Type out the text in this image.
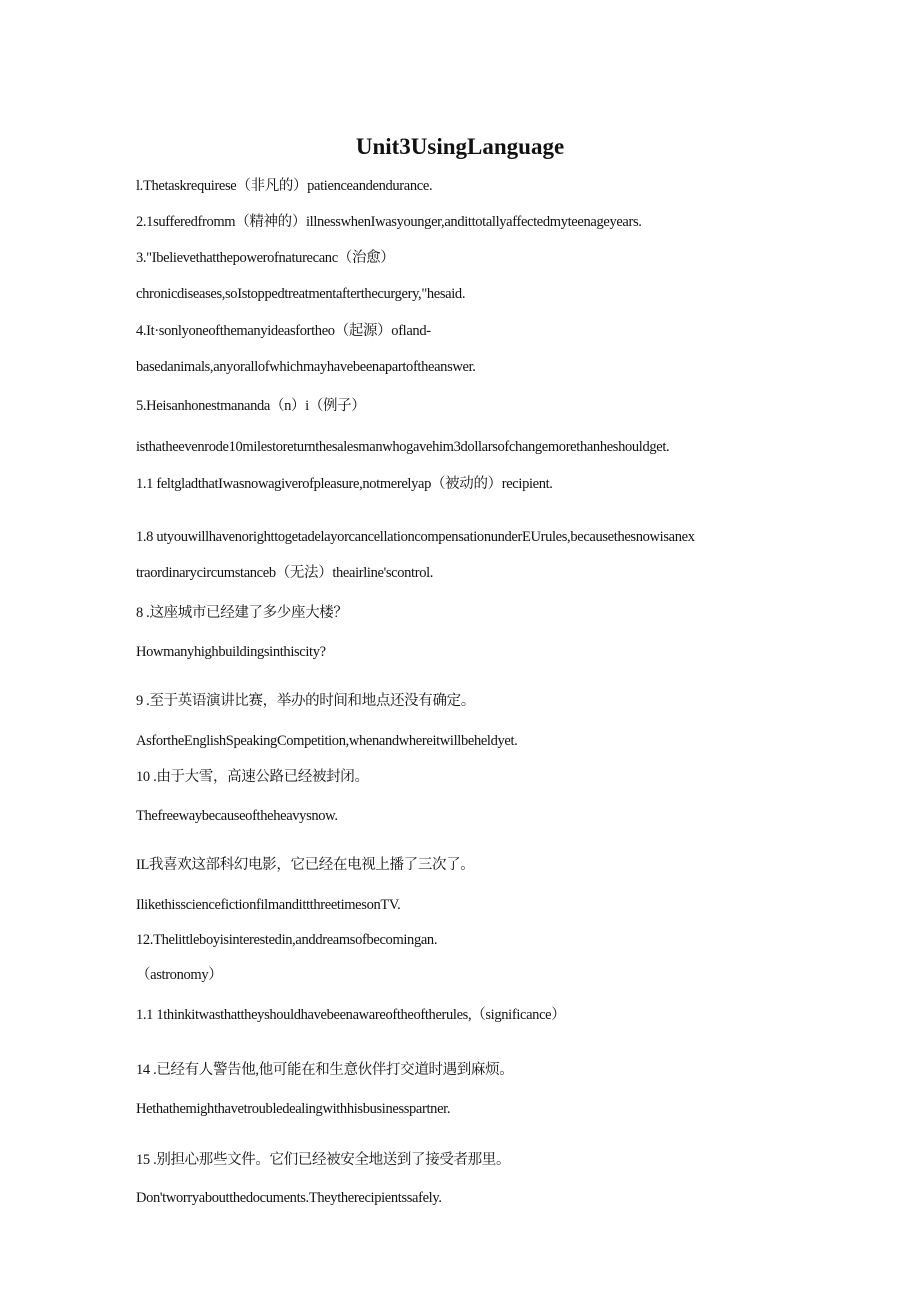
Unit3UsingLanguage
l.Thetaskrequirese（非凡的）patienceandendurance.
2.1sufferedfromm（精神的）illnesswhenIwasyounger,andittotallyaffectedmyteenageyears.
3."Ibelievethatthepowerofnaturecanc（治愈）
chronicdiseases,soIstoppedtreatmentaftertheсurgery,"hesaid.
4.It·sonlyoneofthemanyideasfortheo（起源）ofland-
basedanimals,anyorallofwhichmayhavebeenapartoftheanswer.
5.Heisanhonestmananda（n）i（例子）
isthatheevenrode10milestoreturnthesalesmanwhogavehim3dollarsofchangemorethanheshouldget.
1.1 feltgladthatIwasnowagiverofpleasure,notmerelyap（被动的）recipient.
1.8 utyouwillhavenorighttogetadelayorcancellationcompensationunderEUrules,becausethesnowisanex
traordinarycircumstanceb（无法）theairline'scontrol.
8 .这座城市已经建了多少座大楼？
Howmanyhighbuildingsinthiscity?
9 .至于英语演讲比赛，举办的时间和地点还没有确定。
AsfortheEnglishSpeakingCompetition,whenandwhereitwillbeheldyet.
10 .由于大雪，高速公路已经被封闭。
Thefreewaybecauseoftheheavysnow.
IL我喜欢这部科幻电影，它已经在电视上播了三次了。
IlikethissciencefictionfilmandittthreetimesonTV.
12.Thelittleboyisinterestedin,anddreamsofbecomingan.
（astronomy）
1.1 1thinkitwasthattheyshouldhavebeenawareoftheoftherules,（significance）
14 .已经有人警告他,他可能在和生意伙伴打交道时遇到麻烦。
Hethathemighthavetroubledealingwithhisbusinesspartner.
15 .别担心那些文件。它们已经被安全地送到了接受者那里。
Don'tworryaboutthedocuments.Theytherecipientssafely.
